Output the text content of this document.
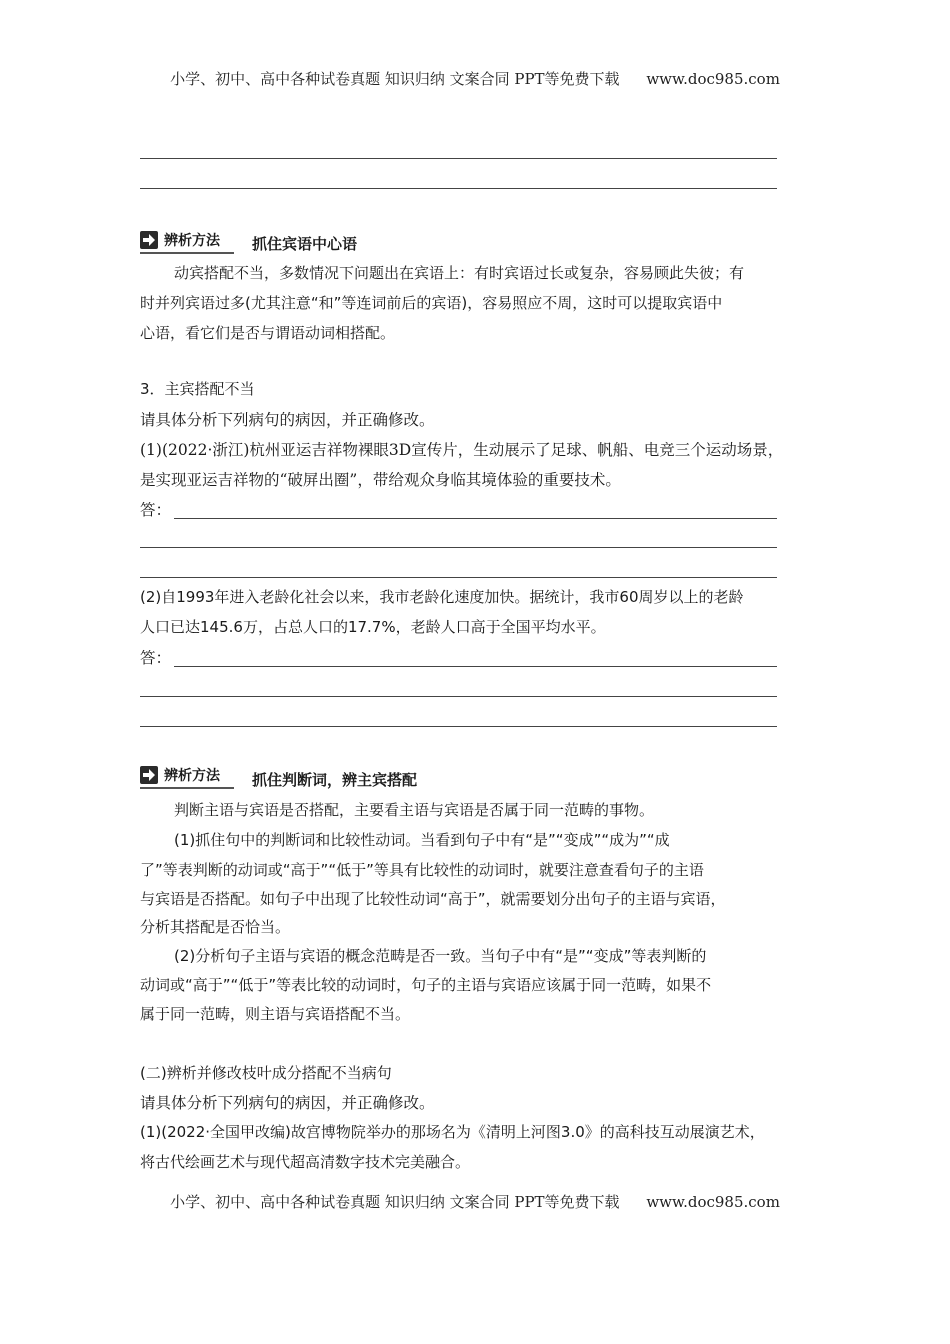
小学、初中、高中各种试卷真题 知识归纳 文案合同 PPT等免费下载 www.doc985.com
辨析方法 抓住宾语中心语
动宾搭配不当，多数情况下问题出在宾语上：有时宾语过长或复杂，容易顾此失彼；有
时并列宾语过多(尤其注意“和”等连词前后的宾语)，容易照应不周，这时可以提取宾语中
心语，看它们是否与谓语动词相搭配。
3．主宾搭配不当
请具体分析下列病句的病因，并正确修改。
(1)(2022·浙江)杭州亚运吉祥物裸眼3D宣传片，生动展示了足球、帆船、电竞三个运动场景，
是实现亚运吉祥物的“破屏出圈”，带给观众身临其境体验的重要技术。
答：
(2)自1993年进入老龄化社会以来，我市老龄化速度加快。据统计，我市60周岁以上的老龄
人口已达145.6万，占总人口的17.7%，老龄人口高于全国平均水平。
答：
辨析方法 抓住判断词，辨主宾搭配
判断主语与宾语是否搭配，主要看主语与宾语是否属于同一范畴的事物。
(1)抓住句中的判断词和比较性动词。当看到句子中有“是”“变成”“成为”“成
了”等表判断的动词或“高于”“低于”等具有比较性的动词时，就要注意查看句子的主语
与宾语是否搭配。如句子中出现了比较性动词“高于”，就需要划分出句子的主语与宾语，
分析其搭配是否恰当。
(2)分析句子主语与宾语的概念范畴是否一致。当句子中有“是”“变成”等表判断的
动词或“高于”“低于”等表比较的动词时，句子的主语与宾语应该属于同一范畴，如果不
属于同一范畴，则主语与宾语搭配不当。
(二)辨析并修改枝叶成分搭配不当病句
请具体分析下列病句的病因，并正确修改。
(1)(2022·全国甲改编)故宫博物院举办的那场名为《清明上河图3.0》的高科技互动展演艺术，
将古代绘画艺术与现代超高清数字技术完美融合。
小学、初中、高中各种试卷真题 知识归纳 文案合同 PPT等免费下载 www.doc985.com
